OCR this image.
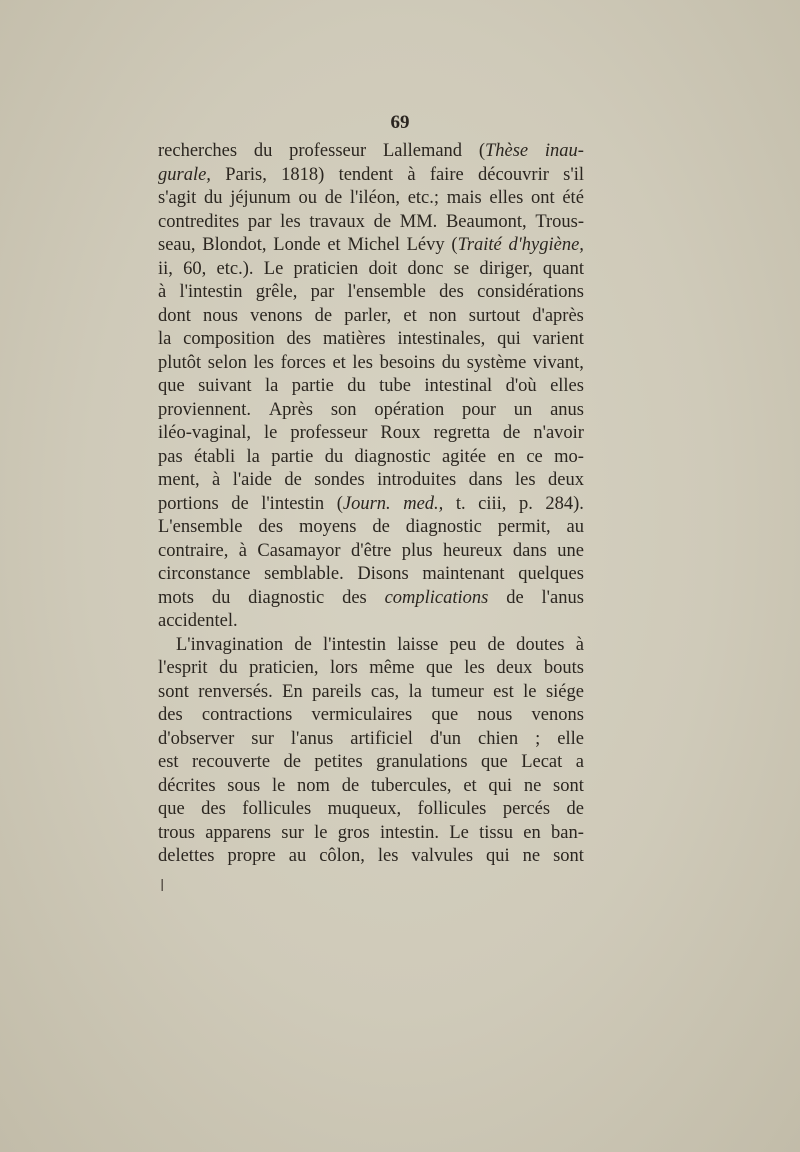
69
recherches du professeur Lallemand (Thèse inau-
gurale, Paris, 1818) tendent à faire découvrir s'il
s'agit du jéjunum ou de l'iléon, etc.; mais elles ont été
contredites par les travaux de MM. Beaumont, Trous-
seau, Blondot, Londe et Michel Lévy (Traité d'hygiène,
ii, 60, etc.). Le praticien doit donc se diriger, quant
à l'intestin grêle, par l'ensemble des considérations
dont nous venons de parler, et non surtout d'après
la composition des matières intestinales, qui varient
plutôt selon les forces et les besoins du système vivant,
que suivant la partie du tube intestinal d'où elles
proviennent. Après son opération pour un anus
iléo-vaginal, le professeur Roux regretta de n'avoir
pas établi la partie du diagnostic agitée en ce mo-
ment, à l'aide de sondes introduites dans les deux
portions de l'intestin (Journ. med., t. ciii, p. 284).
L'ensemble des moyens de diagnostic permit, au
contraire, à Casamayor d'être plus heureux dans une
circonstance semblable. Disons maintenant quelques
mots du diagnostic des complications de l'anus
accidentel.
L'invagination de l'intestin laisse peu de doutes à
l'esprit du praticien, lors même que les deux bouts
sont renversés. En pareils cas, la tumeur est le siége
des contractions vermiculaires que nous venons
d'observer sur l'anus artificiel d'un chien ; elle
est recouverte de petites granulations que Lecat a
décrites sous le nom de tubercules, et qui ne sont
que des follicules muqueux, follicules percés de
trous apparens sur le gros intestin. Le tissu en ban-
delettes propre au côlon, les valvules qui ne sont
ⅼ
